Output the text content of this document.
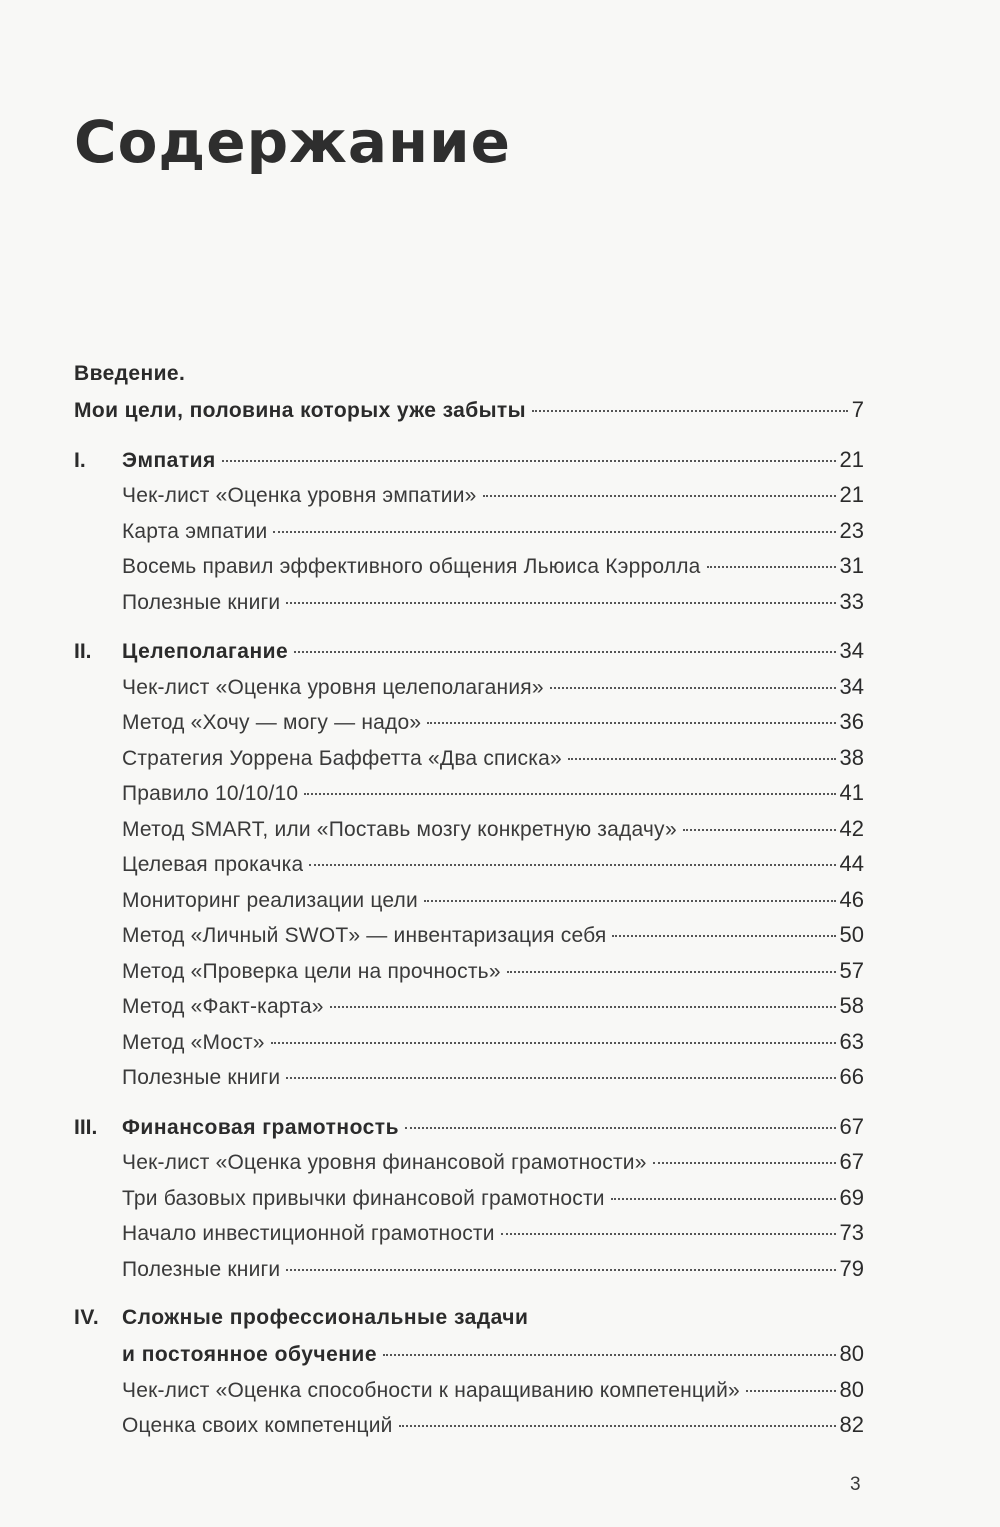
Содержание
Введение.
Мои цели, половина которых уже забыты	7
I.	Эмпатия	21
Чек-лист «Оценка уровня эмпатии»	21
Карта эмпатии	23
Восемь правил эффективного общения Льюиса Кэрролла	31
Полезные книги	33
II.	Целеполагание	34
Чек-лист «Оценка уровня целеполагания»	34
Метод «Хочу — могу — надо»	36
Стратегия Уоррена Баффетта «Два списка»	38
Правило 10/10/10	41
Метод SMART, или «Поставь мозгу конкретную задачу»	42
Целевая прокачка	44
Мониторинг реализации цели	46
Метод «Личный SWOT» — инвентаризация себя	50
Метод «Проверка цели на прочность»	57
Метод «Факт-карта»	58
Метод «Мост»	63
Полезные книги	66
III.	Финансовая грамотность	67
Чек-лист «Оценка уровня финансовой грамотности»	67
Три базовых привычки финансовой грамотности	69
Начало инвестиционной грамотности	73
Полезные книги	79
IV.	Сложные профессиональные задачи
и постоянное обучение	80
Чек-лист «Оценка способности к наращиванию компетенций»	80
Оценка своих компетенций	82
3
